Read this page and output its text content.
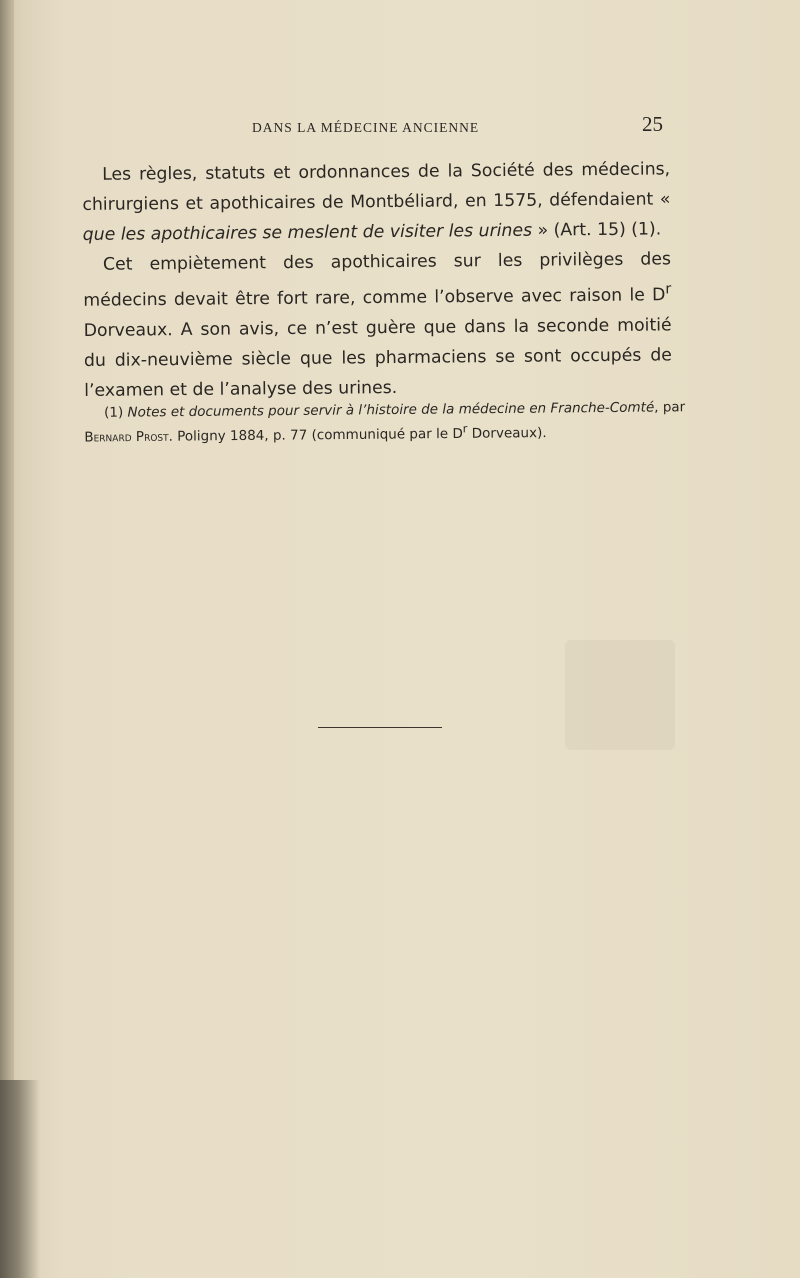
DANS LA MÉDECINE ANCIENNE	25

Les règles, statuts et ordonnances de la Société des médecins, chirurgiens et apothicaires de Montbéliard, en 1575, défendaient « que les apothicaires se meslent de visiter les urines » (Art. 15) (1).

Cet empiètement des apothicaires sur les privilèges des médecins devait être fort rare, comme l’observe avec raison le $D^r$ Dorveaux. A son avis, ce n’est guère que dans la seconde moitié du dix-neuvième siècle que les pharmaciens se sont occupés de l’examen et de l’analyse des urines.

(1) Notes et documents pour servir à l’histoire de la médecine en Franche-Comté, par Bernard Prost. Poligny 1884, p. 77 (communiqué par le $D^r$ Dorveaux).
